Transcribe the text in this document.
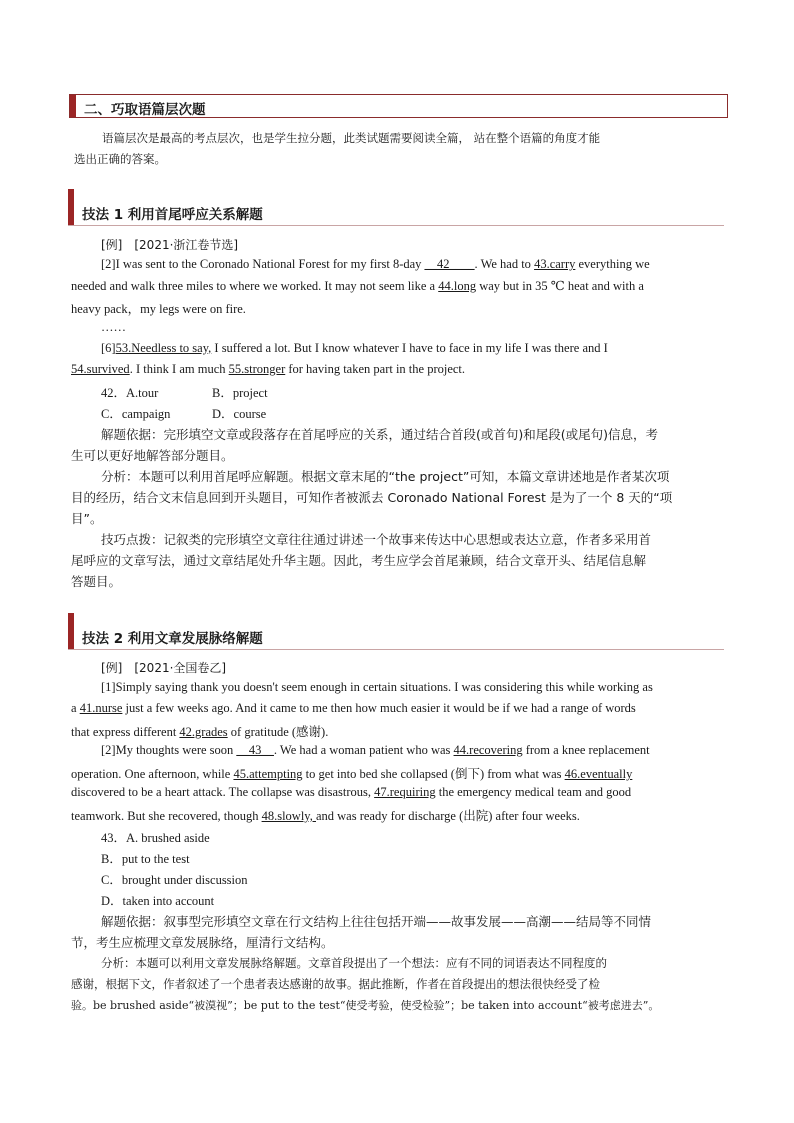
二、巧取语篇层次题
语篇层次是最高的考点层次，也是学生拉分题，此类试题需要阅读全篇， 站在整个语篇的角度才能
选出正确的答案。
技法 1 利用首尾呼应关系解题
[例]　[2021·浙江卷节选]
[2]I was sent to the Coronado National Forest for my first 8-day __42____. We had to 43.carry everything we
needed and walk three miles to where we worked. It may not seem like a 44.long way but in 35 ℃ heat and with a
heavy pack，my legs were on fire.
……
[6]53.Needless to say, I suffered a lot. But I know whatever I have to face in my life I was there and I
54.survived. I think I am much 55.stronger for having taken part in the project.
42．A.tour	B．project
C．campaign	D．course
解题依据：完形填空文章或段落存在首尾呼应的关系，通过结合首段(或首句)和尾段(或尾句)信息，考
生可以更好地解答部分题目。
分析：本题可以利用首尾呼应解题。根据文章末尾的“the project”可知，本篇文章讲述地是作者某次项
目的经历，结合文末信息回到开头题目，可知作者被派去 Coronado National Forest 是为了一个 8 天的“项
目”。
技巧点拨：记叙类的完形填空文章往往通过讲述一个故事来传达中心思想或表达立意，作者多采用首
尾呼应的文章写法，通过文章结尾处升华主题。因此，考生应学会首尾兼顾，结合文章开头、结尾信息解
答题目。
技法 2 利用文章发展脉络解题
[例]　[2021·全国卷乙]
[1]Simply saying thank you doesn't seem enough in certain situations. I was considering this while working as
a 41.nurse just a few weeks ago. And it came to me then how much easier it would be if we had a range of words
that express different 42.grades of gratitude (感谢).
[2]My thoughts were soon __43__. We had a woman patient who was 44.recovering from a knee replacement
operation. One afternoon, while 45.attempting to get into bed she collapsed (倒下) from what was 46.eventually
discovered to be a heart attack. The collapse was disastrous, 47.requiring the emergency medical team and good
teamwork. But she recovered, though 48.slowly, and was ready for discharge (出院) after four weeks.
43．A. brushed aside
B．put to the test
C．brought under discussion
D．taken into account
解题依据：叙事型完形填空文章在行文结构上往往包括开端——故事发展——高潮——结局等不同情
节，考生应梳理文章发展脉络，厘清行文结构。
分析：本题可以利用文章发展脉络解题。文章首段提出了一个想法：应有不同的词语表达不同程度的
感谢，根据下文，作者叙述了一个患者表达感谢的故事。据此推断，作者在首段提出的想法很快经受了检
验。be brushed aside“被漠视”；be put to the test“使受考验，使受检验”；be taken into account“被考虑进去”。
